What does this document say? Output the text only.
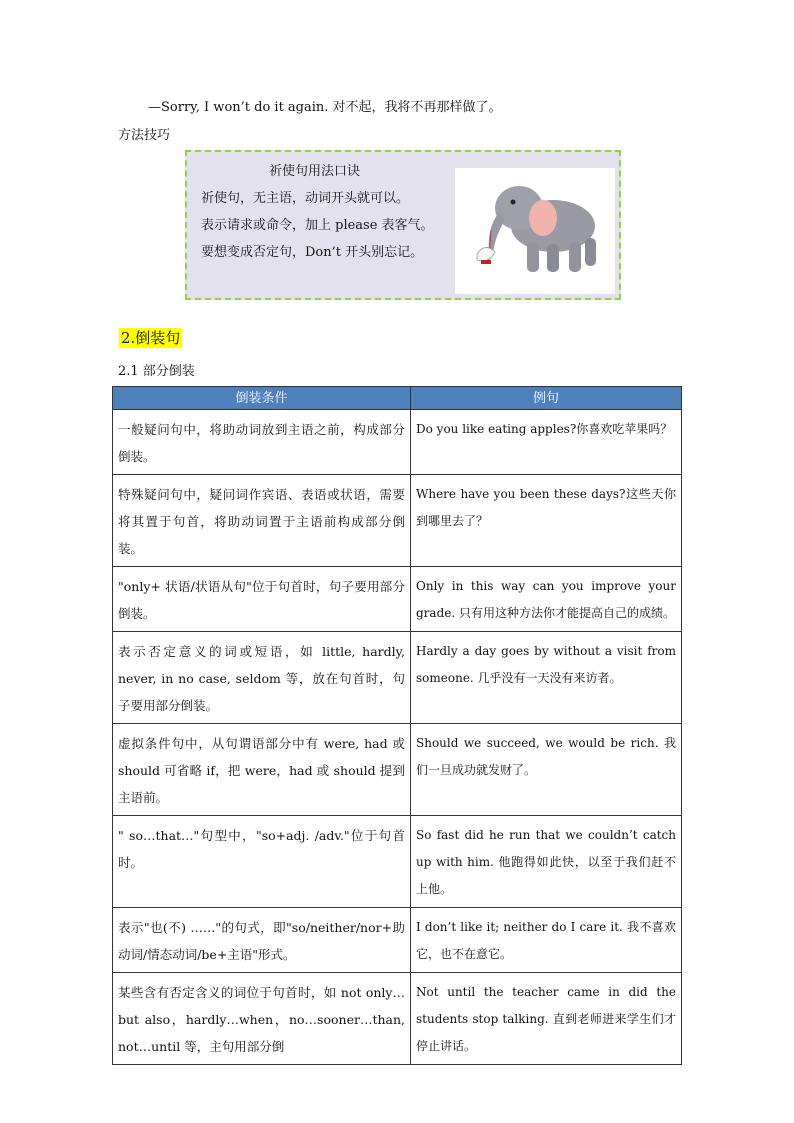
—Sorry, I won’t do it again. 对不起，我将不再那样做了。
方法技巧
祈使句用法口诀
祈使句，无主语，动词开头就可以。
表示请求或命令，加上 please 表客气。
要想变成否定句，Don’t 开头别忘记。
2.倒装句
2.1 部分倒装
倒装条件	例句
一般疑问句中，将助动词放到主语之前，构成部分倒装。	Do you like eating apples?你喜欢吃苹果吗？
特殊疑问句中，疑问词作宾语、表语或状语，需要将其置于句首，将助动词置于主语前构成部分倒装。	Where have you been these days?这些天你到哪里去了？
"only+ 状语/状语从句"位于句首时，句子要用部分倒装。	Only in this way can you improve your grade. 只有用这种方法你才能提高自己的成绩。
表示否定意义的词或短语，如 little, hardly, never, in no case, seldom 等，放在句首时，句子要用部分倒装。	Hardly a day goes by without a visit from someone. 几乎没有一天没有来访者。
虚拟条件句中，从句谓语部分中有 were, had 或 should 可省略 if，把 were，had 或 should 提到主语前。	Should we succeed, we would be rich. 我们一旦成功就发财了。
" so…that…"句型中，"so+adj. /adv."位于句首时。	So fast did he run that we couldn’t catch up with him. 他跑得如此快，以至于我们赶不上他。
表示"也(不) ……"的句式，即"so/neither/nor+助动词/情态动词/be+主语"形式。	I don’t like it; neither do I care it. 我不喜欢它，也不在意它。
某些含有否定含义的词位于句首时，如 not only…but also，hardly…when，no…sooner…than, not…until 等，主句用部分倒	Not until the teacher came in did the students stop talking. 直到老师进来学生们才停止讲话。
